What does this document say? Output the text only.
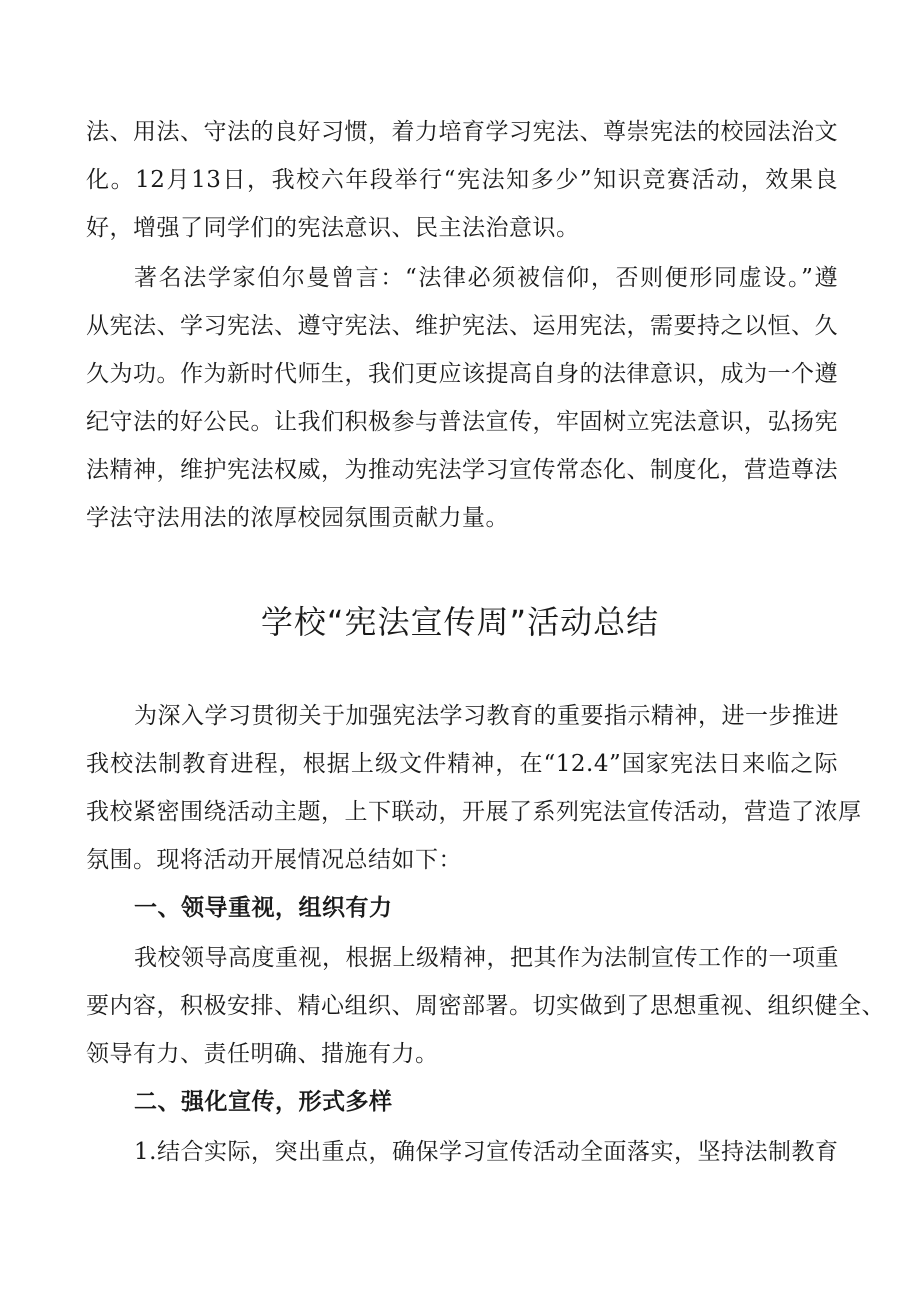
法、用法、守法的良好习惯，着力培育学习宪法、尊崇宪法的校园法治文
化。12月13日，我校六年段举行“宪法知多少”知识竞赛活动，效果良
好，增强了同学们的宪法意识、民主法治意识。
著名法学家伯尔曼曾言：“法律必须被信仰，否则便形同虚设。”遵
从宪法、学习宪法、遵守宪法、维护宪法、运用宪法，需要持之以恒、久
久为功。作为新时代师生，我们更应该提高自身的法律意识，成为一个遵
纪守法的好公民。让我们积极参与普法宣传，牢固树立宪法意识，弘扬宪
法精神，维护宪法权威，为推动宪法学习宣传常态化、制度化，营造尊法
学法守法用法的浓厚校园氛围贡献力量。
学校“宪法宣传周”活动总结
为深入学习贯彻关于加强宪法学习教育的重要指示精神，进一步推进
我校法制教育进程，根据上级文件精神，在“12.4”国家宪法日来临之际
我校紧密围绕活动主题，上下联动，开展了系列宪法宣传活动，营造了浓厚
氛围。现将活动开展情况总结如下：
一、领导重视，组织有力
我校领导高度重视，根据上级精神，把其作为法制宣传工作的一项重
要内容，积极安排、精心组织、周密部署。切实做到了思想重视、组织健全、
领导有力、责任明确、措施有力。
二、强化宣传，形式多样
1.结合实际，突出重点，确保学习宣传活动全面落实，坚持法制教育
